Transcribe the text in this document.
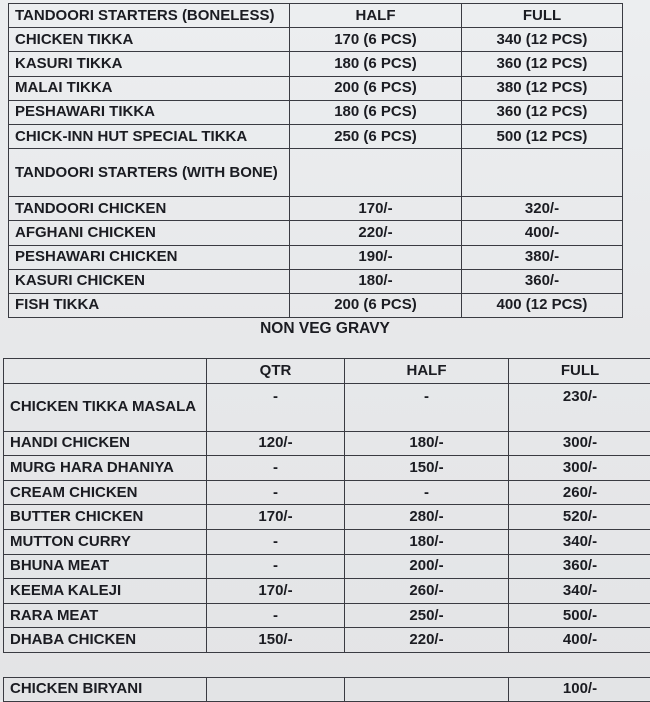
TANDOORI STARTERS (BONELESS)	HALF	FULL
CHICKEN TIKKA	170 (6 PCS)	340 (12 PCS)
KASURI TIKKA	180 (6 PCS)	360 (12 PCS)
MALAI TIKKA	200 (6 PCS)	380 (12 PCS)
PESHAWARI TIKKA	180 (6 PCS)	360 (12 PCS)
CHICK-INN HUT SPECIAL TIKKA	250 (6 PCS)	500 (12 PCS)
TANDOORI STARTERS (WITH BONE)		
TANDOORI CHICKEN	170/-	320/-
AFGHANI CHICKEN	220/-	400/-
PESHAWARI CHICKEN	190/-	380/-
KASURI CHICKEN	180/-	360/-
FISH TIKKA	200 (6 PCS)	400 (12 PCS)
NON VEG GRAVY
	QTR	HALF	FULL
CHICKEN TIKKA MASALA	-	-	230/-
HANDI CHICKEN	120/-	180/-	300/-
MURG HARA DHANIYA	-	150/-	300/-
CREAM CHICKEN	-	-	260/-
BUTTER CHICKEN	170/-	280/-	520/-
MUTTON CURRY	-	180/-	340/-
BHUNA MEAT	-	200/-	360/-
KEEMA KALEJI	170/-	260/-	340/-
RARA MEAT	-	250/-	500/-
DHABA CHICKEN	150/-	220/-	400/-

CHICKEN BIRYANI			100/-
